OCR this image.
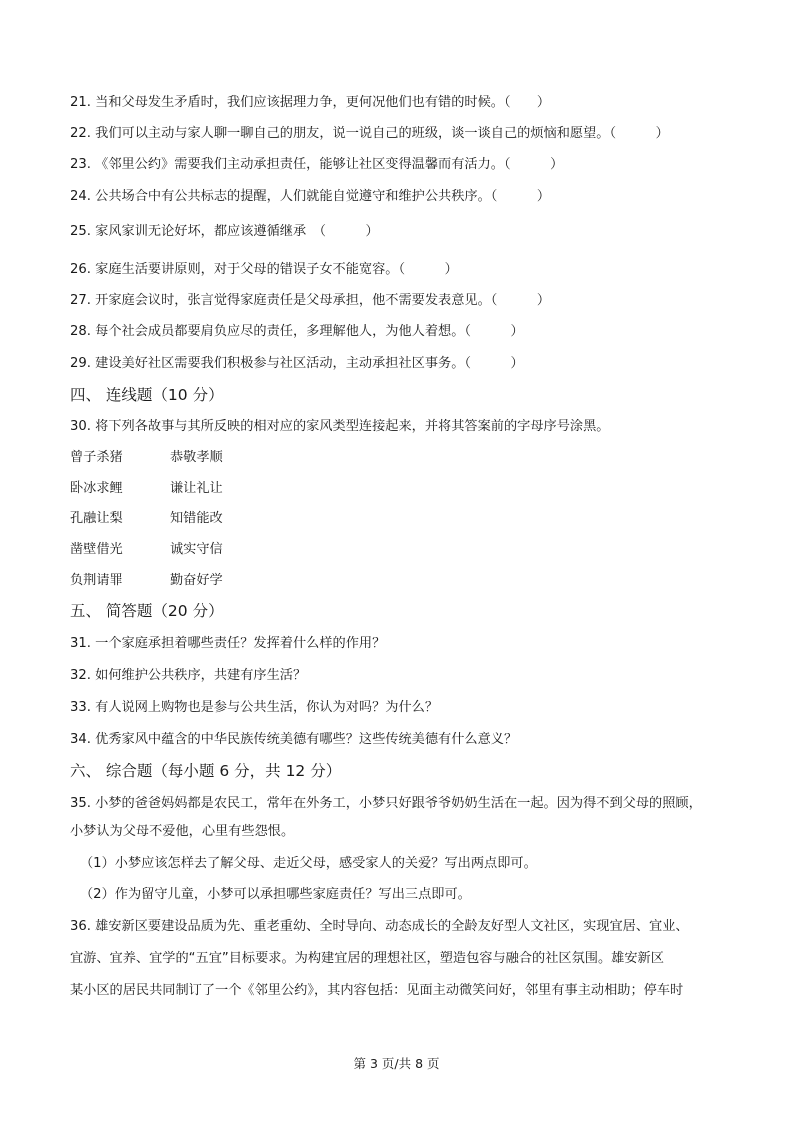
21. 当和父母发生矛盾时，我们应该据理力争，更何况他们也有错的时候。（　　）
22. 我们可以主动与家人聊一聊自己的朋友，说一说自己的班级，谈一谈自己的烦恼和愿望。（　　　）
23. 《邻里公约》需要我们主动承担责任，能够让社区变得温馨而有活力。（　　　）
24. 公共场合中有公共标志的提醒，人们就能自觉遵守和维护公共秩序。（　　　）
25. 家风家训无论好坏，都应该遵循继承　（　　　）
26. 家庭生活要讲原则，对于父母的错误子女不能宽容。（　　　）
27. 开家庭会议时，张言觉得家庭责任是父母承担，他不需要发表意见。（　　　）
28. 每个社会成员都要肩负应尽的责任，多理解他人，为他人着想。（　　　）
29. 建设美好社区需要我们积极参与社区活动，主动承担社区事务。（　　　）
四、 连线题（10 分）
30. 将下列各故事与其所反映的相对应的家风类型连接起来，并将其答案前的字母序号涂黑。
曾子杀猪	恭敬孝顺
卧冰求鲤	谦让礼让
孔融让梨	知错能改
凿壁借光	诚实守信
负荆请罪	勤奋好学
五、 简答题（20 分）
31. 一个家庭承担着哪些责任？发挥着什么样的作用？
32. 如何维护公共秩序，共建有序生活？
33. 有人说网上购物也是参与公共生活，你认为对吗？为什么？
34. 优秀家风中蕴含的中华民族传统美德有哪些？这些传统美德有什么意义？
六、 综合题（每小题 6 分，共 12 分）
35. 小梦的爸爸妈妈都是农民工，常年在外务工，小梦只好跟爷爷奶奶生活在一起。因为得不到父母的照顾，
小梦认为父母不爱他，心里有些怨恨。
（1）小梦应该怎样去了解父母、走近父母，感受家人的关爱？写出两点即可。
（2）作为留守儿童，小梦可以承担哪些家庭责任？写出三点即可。
36. 雄安新区要建设品质为先、重老重幼、全时导向、动态成长的全龄友好型人文社区，实现宜居、宜业、
宜游、宜养、宜学的“五宜”目标要求。为构建宜居的理想社区，塑造包容与融合的社区氛围。雄安新区
某小区的居民共同制订了一个《邻里公约》，其内容包括：见面主动微笑问好，邻里有事主动相助；停车时
第 3 页/共 8 页
